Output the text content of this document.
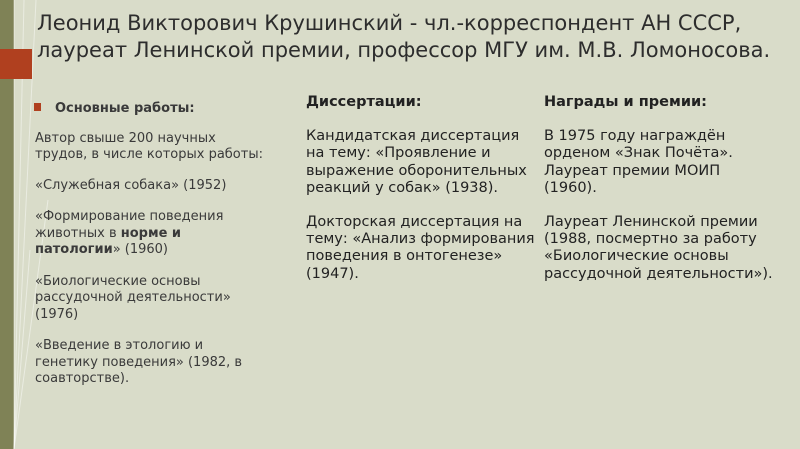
Леонид Викторович Крушинский - чл.-корреспондент АН СССР, лауреат Ленинской премии, профессор МГУ им. М.В. Ломоносова.

Основные работы:

Автор свыше 200 научных трудов, в числе которых работы:

«Служебная собака» (1952)

«Формирование поведения животных в норме и патологии» (1960)

«Биологические основы рассудочной деятельности» (1976)

«Введение в этологию и генетику поведения» (1982, в соавторстве).

Диссертации:

Кандидатская диссертация на тему: «Проявление и выражение оборонительных реакций у собак» (1938).

Докторская диссертация на тему: «Анализ формирования поведения в онтогенезе» (1947).

Награды и премии:

В 1975 году награждён орденом «Знак Почёта».

Лауреат премии МОИП (1960).

Лауреат Ленинской премии (1988, посмертно за работу «Биологические основы рассудочной деятельности»).
